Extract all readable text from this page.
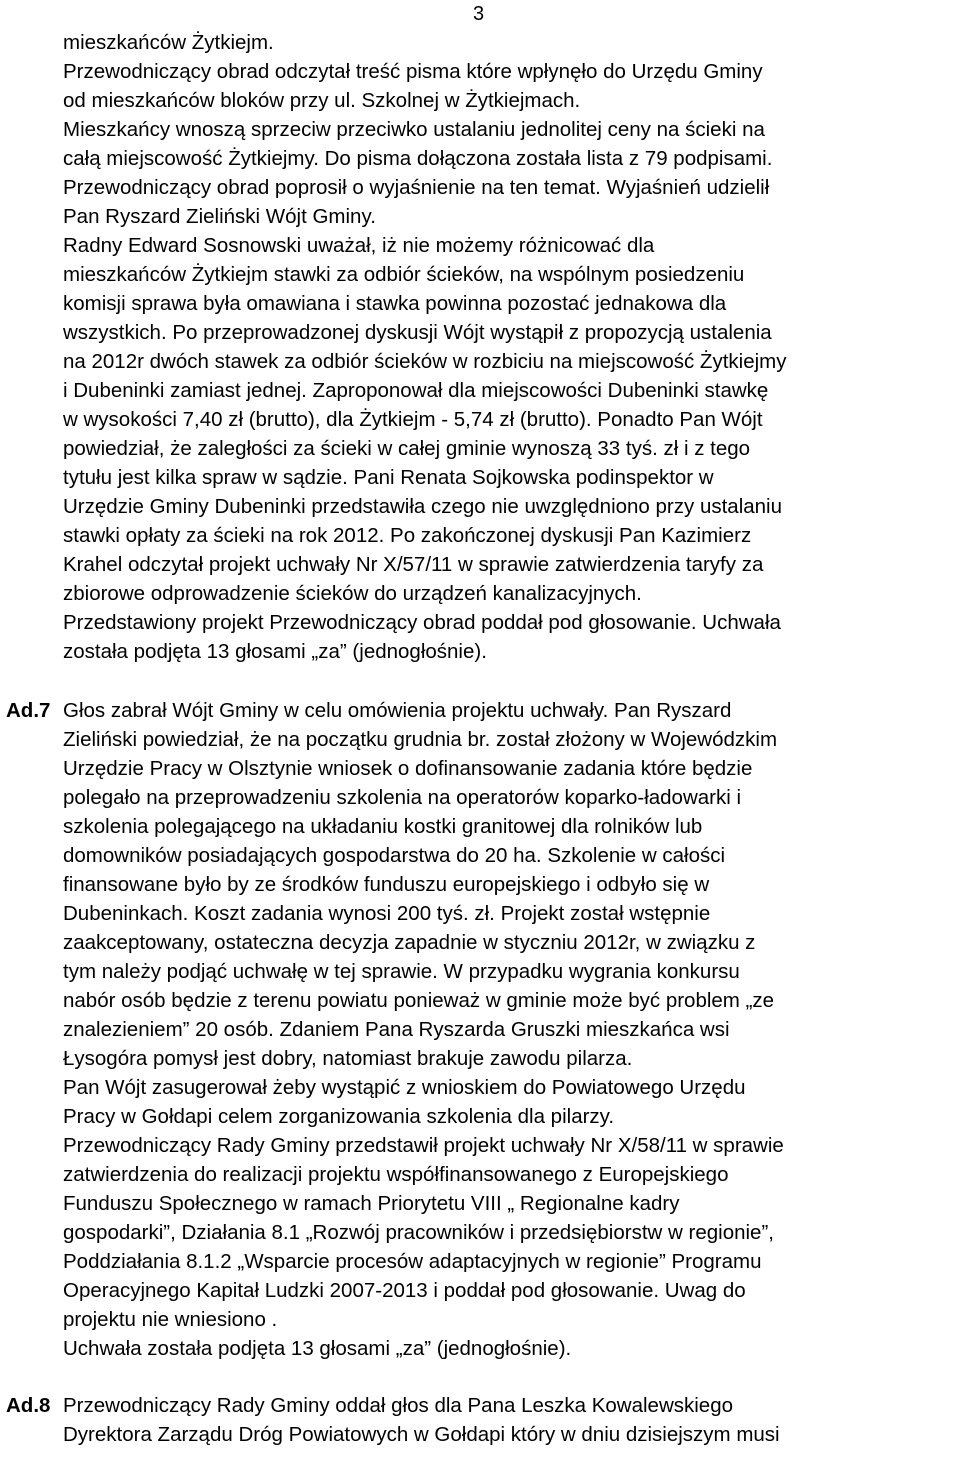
3
mieszkańców Żytkiejm.
Przewodniczący obrad odczytał treść pisma które wpłynęło do Urzędu Gminy
od mieszkańców bloków przy ul. Szkolnej w Żytkiejmach.
Mieszkańcy wnoszą sprzeciw przeciwko ustalaniu jednolitej ceny na ścieki na
całą miejscowość Żytkiejmy. Do pisma dołączona została lista z 79 podpisami.
Przewodniczący obrad poprosił o wyjaśnienie na ten temat. Wyjaśnień udzielił
Pan Ryszard Zieliński Wójt Gminy.
Radny Edward Sosnowski uważał, iż nie możemy różnicować dla
mieszkańców Żytkiejm stawki za odbiór ścieków, na wspólnym posiedzeniu
komisji sprawa była omawiana i stawka powinna pozostać jednakowa dla
wszystkich. Po przeprowadzonej dyskusji Wójt wystąpił z propozycją ustalenia
na 2012r dwóch stawek za odbiór ścieków w rozbiciu na miejscowość Żytkiejmy
i Dubeninki zamiast jednej. Zaproponował dla miejscowości Dubeninki stawkę
w wysokości 7,40 zł (brutto), dla Żytkiejm - 5,74 zł (brutto). Ponadto Pan Wójt
powiedział, że zaległości za ścieki w całej gminie wynoszą 33 tyś. zł i z tego
tytułu jest kilka spraw w sądzie. Pani Renata Sojkowska podinspektor w
Urzędzie Gminy Dubeninki przedstawiła czego nie uwzględniono przy ustalaniu
stawki opłaty za ścieki na rok 2012. Po zakończonej dyskusji Pan Kazimierz
Krahel odczytał projekt uchwały Nr X/57/11 w sprawie zatwierdzenia taryfy za
zbiorowe odprowadzenie ścieków do urządzeń kanalizacyjnych.
Przedstawiony projekt Przewodniczący obrad poddał pod głosowanie. Uchwała
została podjęta 13 głosami „za” (jednogłośnie).
Ad.7 Głos zabrał Wójt Gminy w celu omówienia projektu uchwały. Pan Ryszard
Zieliński powiedział, że na początku grudnia br. został złożony w Wojewódzkim
Urzędzie Pracy w Olsztynie wniosek o dofinansowanie zadania które będzie
polegało na przeprowadzeniu szkolenia na operatorów koparko-ładowarki i
szkolenia polegającego na układaniu kostki granitowej dla rolników lub
domowników posiadających gospodarstwa do 20 ha. Szkolenie w całości
finansowane było by ze środków funduszu europejskiego i odbyło się w
Dubeninkach. Koszt zadania wynosi 200 tyś. zł. Projekt został wstępnie
zaakceptowany, ostateczna decyzja zapadnie w styczniu 2012r, w związku z
tym należy podjąć uchwałę w tej sprawie. W przypadku wygrania konkursu
nabór osób będzie z terenu powiatu ponieważ w gminie może być problem „ze
znalezieniem” 20 osób. Zdaniem Pana Ryszarda Gruszki mieszkańca wsi
Łysogóra pomysł jest dobry, natomiast brakuje zawodu pilarza.
Pan Wójt zasugerował żeby wystąpić z wnioskiem do Powiatowego Urzędu
Pracy w Gołdapi celem zorganizowania szkolenia dla pilarzy.
Przewodniczący Rady Gminy przedstawił projekt uchwały Nr X/58/11 w sprawie
zatwierdzenia do realizacji projektu współfinansowanego z Europejskiego
Funduszu Społecznego w ramach Priorytetu VIII „ Regionalne kadry
gospodarki”, Działania 8.1 „Rozwój pracowników i przedsiębiorstw w regionie”,
Poddziałania 8.1.2 „Wsparcie procesów adaptacyjnych w regionie” Programu
Operacyjnego Kapitał Ludzki 2007-2013 i poddał pod głosowanie. Uwag do
projektu nie wniesiono .
Uchwała została podjęta 13 głosami „za” (jednogłośnie).
Ad.8 Przewodniczący Rady Gminy oddał głos dla Pana Leszka Kowalewskiego
Dyrektora Zarządu Dróg Powiatowych w Gołdapi który w dniu dzisiejszym musi
